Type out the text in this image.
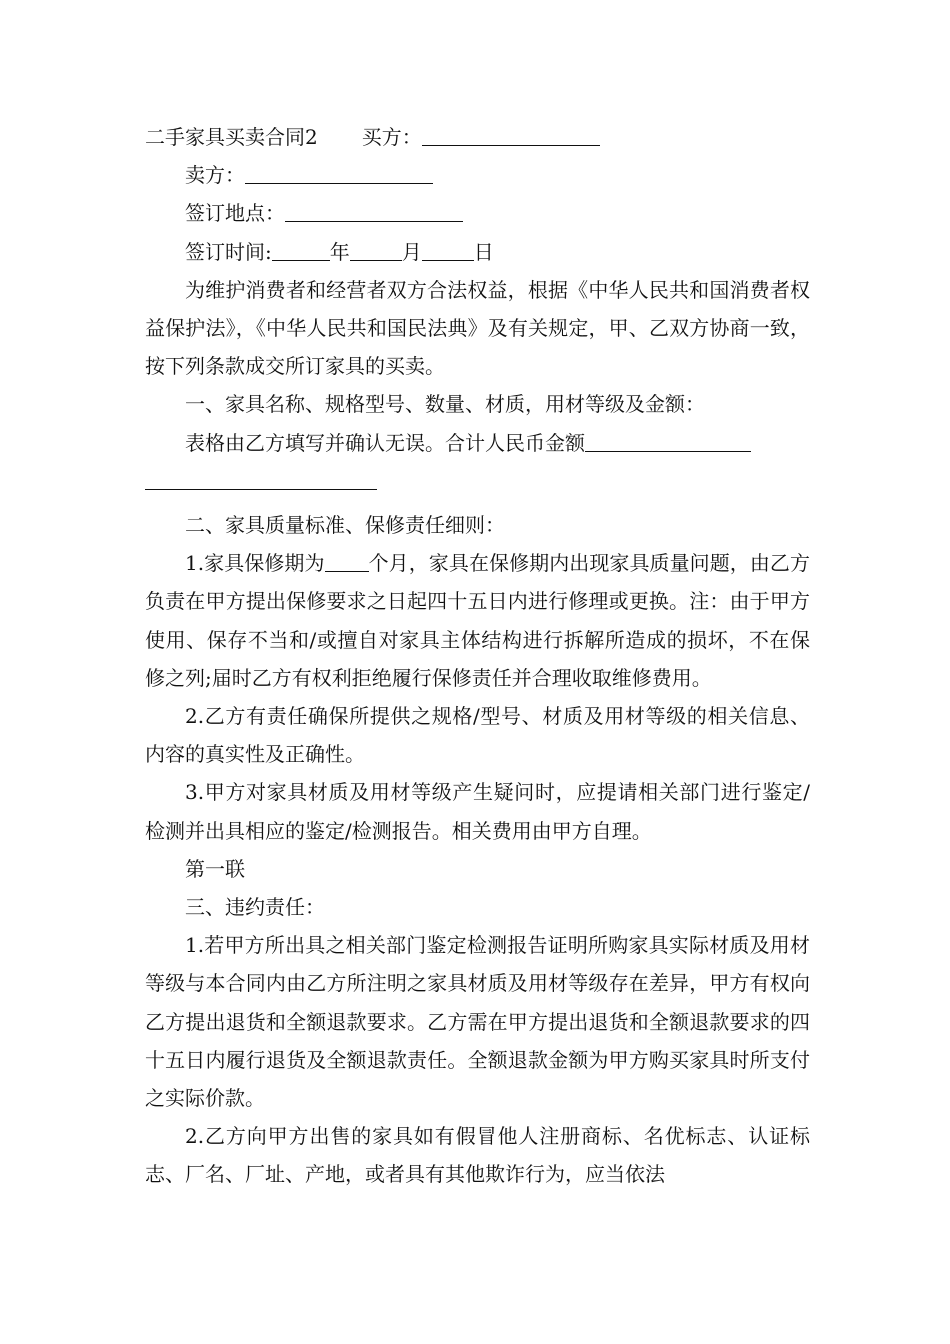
二手家具买卖合同2 买方：

卖方：

签订地点：

签订时间:	年	月	日

为维护消费者和经营者双方合法权益，根据《中华人民共和国消费者权益保护法》，《中华人民共和国民法典》及有关规定，甲、乙双方协商一致，按下列条款成交所订家具的买卖。

一、家具名称、规格型号、数量、材质，用材等级及金额：

表格由乙方填写并确认无误。合计人民币金额

二、家具质量标准、保修责任细则：

1.家具保修期为 个月，家具在保修期内出现家具质量问题，由乙方负责在甲方提出保修要求之日起四十五日内进行修理或更换。注：由于甲方使用、保存不当和/或擅自对家具主体结构进行拆解所造成的损坏，不在保修之列;届时乙方有权利拒绝履行保修责任并合理收取维修费用。

2.乙方有责任确保所提供之规格/型号、材质及用材等级的相关信息、内容的真实性及正确性。

3.甲方对家具材质及用材等级产生疑问时，应提请相关部门进行鉴定/检测并出具相应的鉴定/检测报告。相关费用由甲方自理。

第一联

三、违约责任：

1.若甲方所出具之相关部门鉴定检测报告证明所购家具实际材质及用材等级与本合同内由乙方所注明之家具材质及用材等级存在差异，甲方有权向乙方提出退货和全额退款要求。乙方需在甲方提出退货和全额退款要求的四十五日内履行退货及全额退款责任。全额退款金额为甲方购买家具时所支付之实际价款。

2.乙方向甲方出售的家具如有假冒他人注册商标、名优标志、认证标志、厂名、厂址、产地，或者具有其他欺诈行为，应当依法
